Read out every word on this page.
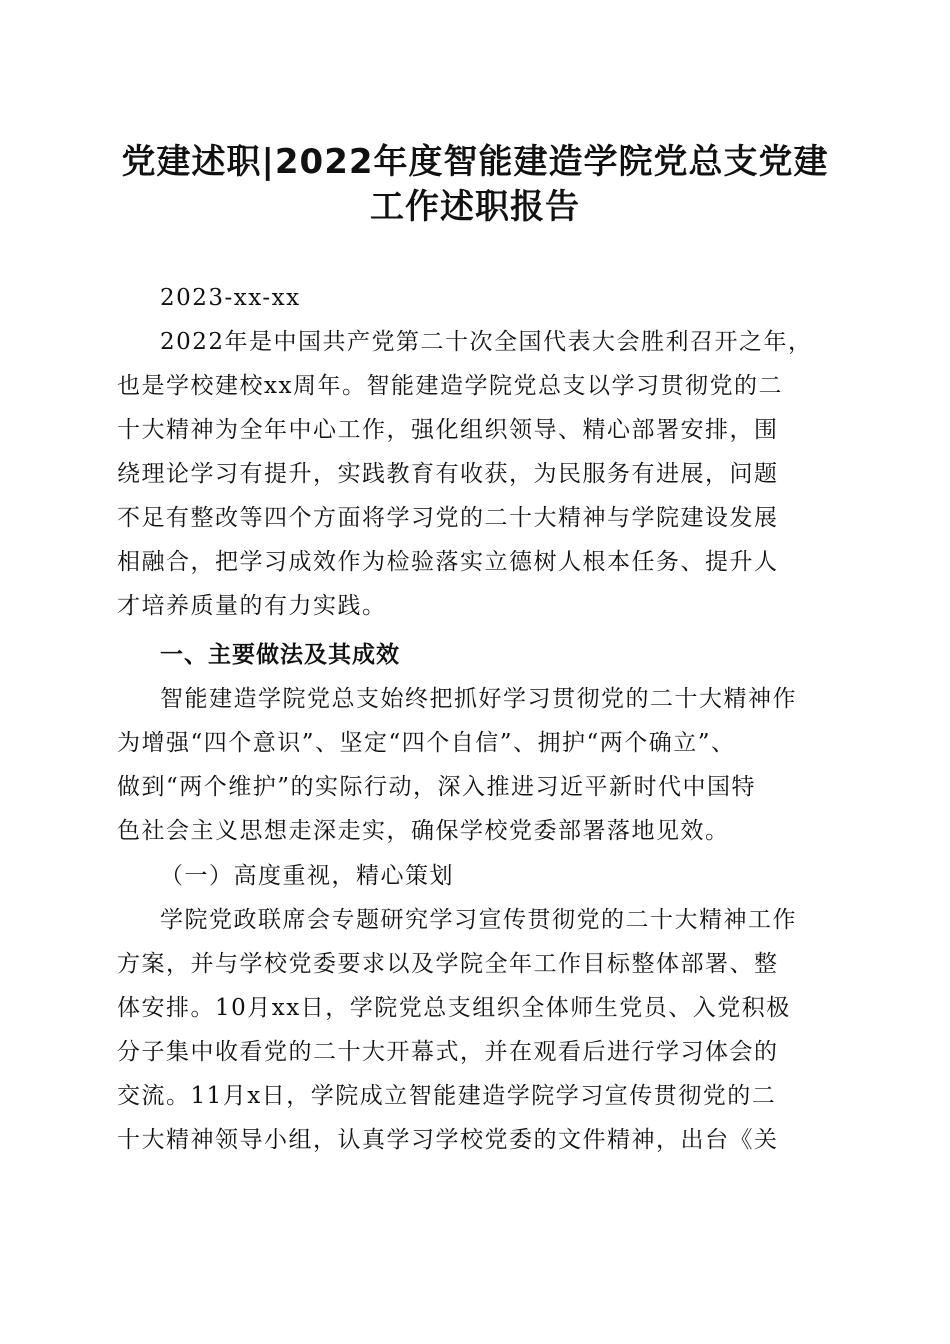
党建述职|2022年度智能建造学院党总支党建
工作述职报告
2023-xx-xx
2022年是中国共产党第二十次全国代表大会胜利召开之年，
也是学校建校xx周年。智能建造学院党总支以学习贯彻党的二
十大精神为全年中心工作，强化组织领导、精心部署安排，围
绕理论学习有提升，实践教育有收获，为民服务有进展，问题
不足有整改等四个方面将学习党的二十大精神与学院建设发展
相融合，把学习成效作为检验落实立德树人根本任务、提升人
才培养质量的有力实践。
一、主要做法及其成效
智能建造学院党总支始终把抓好学习贯彻党的二十大精神作
为增强“四个意识”、坚定“四个自信”、拥护“两个确立”、
做到“两个维护”的实际行动，深入推进习近平新时代中国特
色社会主义思想走深走实，确保学校党委部署落地见效。
（一）高度重视，精心策划
学院党政联席会专题研究学习宣传贯彻党的二十大精神工作
方案，并与学校党委要求以及学院全年工作目标整体部署、整
体安排。10月xx日，学院党总支组织全体师生党员、入党积极
分子集中收看党的二十大开幕式，并在观看后进行学习体会的
交流。11月x日，学院成立智能建造学院学习宣传贯彻党的二
十大精神领导小组，认真学习学校党委的文件精神，出台《关
